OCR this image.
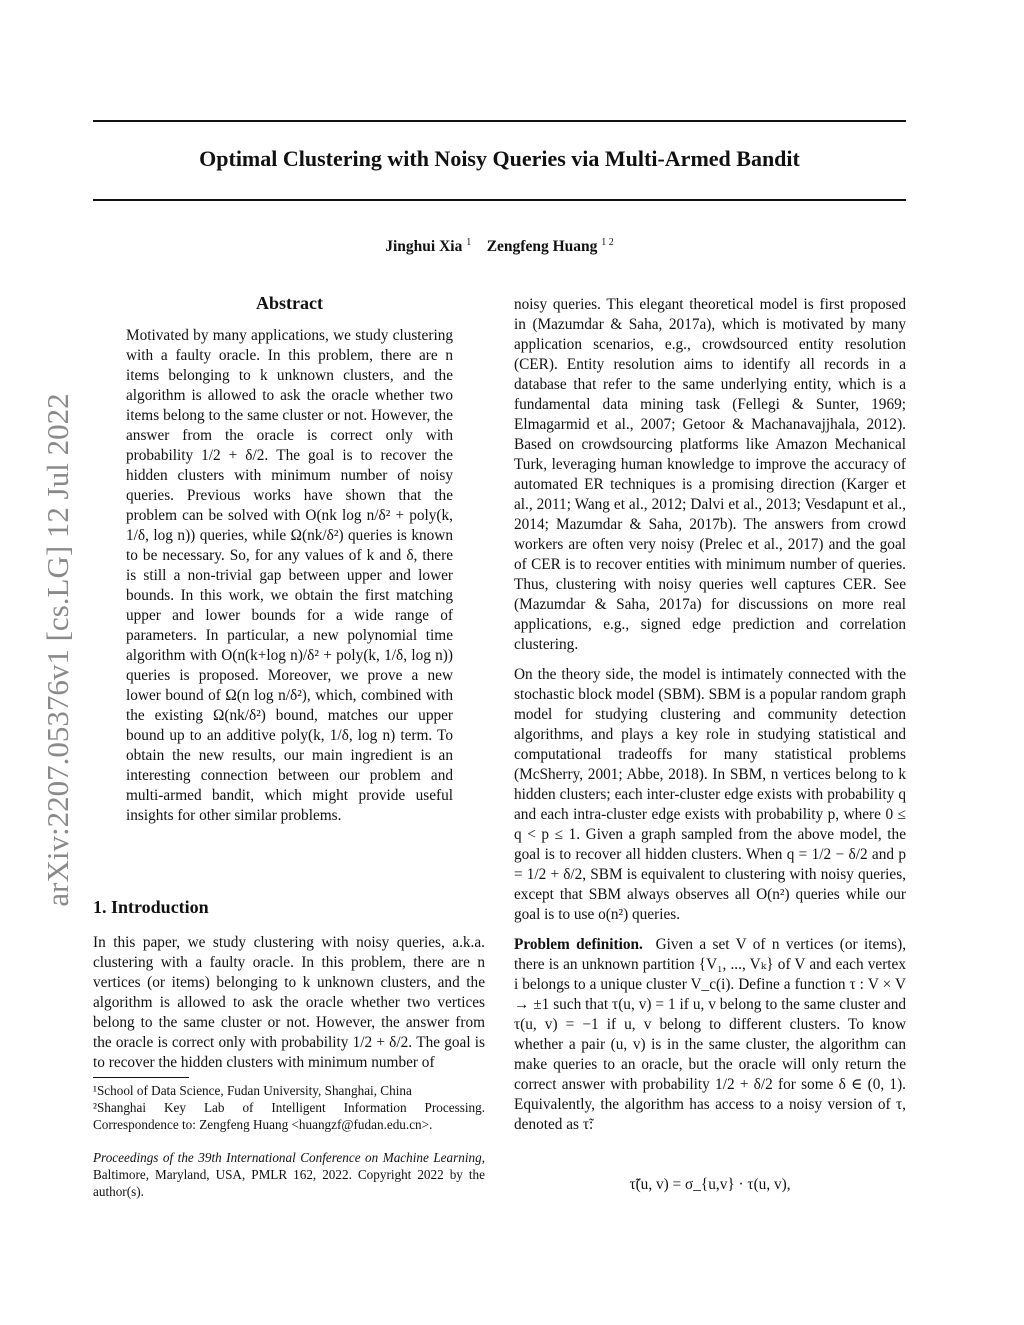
Optimal Clustering with Noisy Queries via Multi-Armed Bandit
Jinghui Xia $^1$ Zengfeng Huang $^{1 2}$
arXiv:2207.05376v1 [cs.LG] 12 Jul 2022
Abstract
Motivated by many applications, we study clustering with a faulty oracle. In this problem, there are n items belonging to k unknown clusters, and the algorithm is allowed to ask the oracle whether two items belong to the same cluster or not. However, the answer from the oracle is correct only with probability 1/2 + δ/2. The goal is to recover the hidden clusters with minimum number of noisy queries. Previous works have shown that the problem can be solved with O(nk log n/δ² + poly(k, 1/δ, log n)) queries, while Ω(nk/δ²) queries is known to be necessary. So, for any values of k and δ, there is still a non-trivial gap between upper and lower bounds. In this work, we obtain the first matching upper and lower bounds for a wide range of parameters. In particular, a new polynomial time algorithm with O(n(k+log n)/δ² + poly(k, 1/δ, log n)) queries is proposed. Moreover, we prove a new lower bound of Ω(n log n/δ²), which, combined with the existing Ω(nk/δ²) bound, matches our upper bound up to an additive poly(k, 1/δ, log n) term. To obtain the new results, our main ingredient is an interesting connection between our problem and multi-armed bandit, which might provide useful insights for other similar problems.
1. Introduction
In this paper, we study clustering with noisy queries, a.k.a. clustering with a faulty oracle. In this problem, there are n vertices (or items) belonging to k unknown clusters, and the algorithm is allowed to ask the oracle whether two vertices belong to the same cluster or not. However, the answer from the oracle is correct only with probability 1/2 + δ/2. The goal is to recover the hidden clusters with minimum number of
¹School of Data Science, Fudan University, Shanghai, China
²Shanghai Key Lab of Intelligent Information Processing. Correspondence to: Zengfeng Huang <huangzf@fudan.edu.cn>.
Proceedings of the 39th International Conference on Machine Learning, Baltimore, Maryland, USA, PMLR 162, 2022. Copyright 2022 by the author(s).

noisy queries. This elegant theoretical model is first proposed in (Mazumdar & Saha, 2017a), which is motivated by many application scenarios, e.g., crowdsourced entity resolution (CER). Entity resolution aims to identify all records in a database that refer to the same underlying entity, which is a fundamental data mining task (Fellegi & Sunter, 1969; Elmagarmid et al., 2007; Getoor & Machanavajjhala, 2012). Based on crowdsourcing platforms like Amazon Mechanical Turk, leveraging human knowledge to improve the accuracy of automated ER techniques is a promising direction (Karger et al., 2011; Wang et al., 2012; Dalvi et al., 2013; Vesdapunt et al., 2014; Mazumdar & Saha, 2017b). The answers from crowd workers are often very noisy (Prelec et al., 2017) and the goal of CER is to recover entities with minimum number of queries. Thus, clustering with noisy queries well captures CER. See (Mazumdar & Saha, 2017a) for discussions on more real applications, e.g., signed edge prediction and correlation clustering.

On the theory side, the model is intimately connected with the stochastic block model (SBM). SBM is a popular random graph model for studying clustering and community detection algorithms, and plays a key role in studying statistical and computational tradeoffs for many statistical problems (McSherry, 2001; Abbe, 2018). In SBM, n vertices belong to k hidden clusters; each inter-cluster edge exists with probability q and each intra-cluster edge exists with probability p, where 0 ≤ q < p ≤ 1. Given a graph sampled from the above model, the goal is to recover all hidden clusters. When q = 1/2 − δ/2 and p = 1/2 + δ/2, SBM is equivalent to clustering with noisy queries, except that SBM always observes all O(n²) queries while our goal is to use o(n²) queries.

Problem definition. Given a set V of n vertices (or items), there is an unknown partition {V₁, ..., Vₖ} of V and each vertex i belongs to a unique cluster V_c(i). Define a function τ : V × V → ±1 such that τ(u, v) = 1 if u, v belong to the same cluster and τ(u, v) = −1 if u, v belong to different clusters. To know whether a pair (u, v) is in the same cluster, the algorithm can make queries to an oracle, but the oracle will only return the correct answer with probability 1/2 + δ/2 for some δ ∈ (0, 1). Equivalently, the algorithm has access to a noisy version of τ, denoted as τ̃:

τ̃(u, v) = σ_{u,v} · τ(u, v),
